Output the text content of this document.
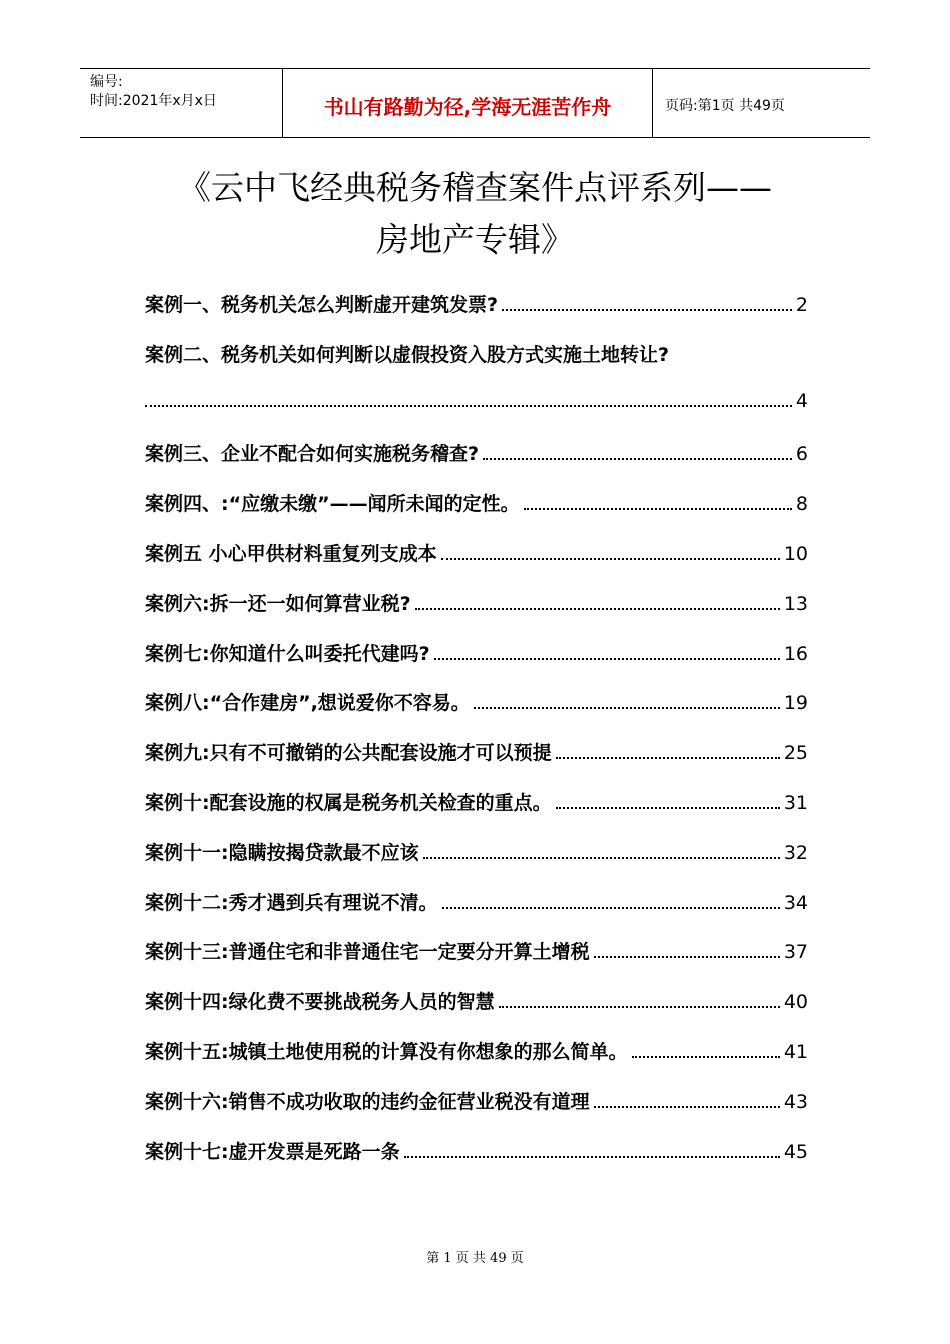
编号:
时间:2021年x月x日	书山有路勤为径,学海无涯苦作舟	页码:第1页 共49页
《云中飞经典税务稽查案件点评系列——
房地产专辑》
案例一、税务机关怎么判断虚开建筑发票?	2
案例二、税务机关如何判断以虚假投资入股方式实施土地转让?
4
案例三、企业不配合如何实施税务稽查?	6
案例四、:“应缴未缴”——闻所未闻的定性。	8
案例五 小心甲供材料重复列支成本	10
案例六:拆一还一如何算营业税?	13
案例七:你知道什么叫委托代建吗?	16
案例八:“合作建房”,想说爱你不容易。	19
案例九:只有不可撤销的公共配套设施才可以预提	25
案例十:配套设施的权属是税务机关检查的重点。	31
案例十一:隐瞒按揭贷款最不应该	32
案例十二:秀才遇到兵有理说不清。	34
案例十三:普通住宅和非普通住宅一定要分开算土增税	37
案例十四:绿化费不要挑战税务人员的智慧	40
案例十五:城镇土地使用税的计算没有你想象的那么简单。	41
案例十六:销售不成功收取的违约金征营业税没有道理	43
案例十七:虚开发票是死路一条	45
第 1 页 共 49 页
